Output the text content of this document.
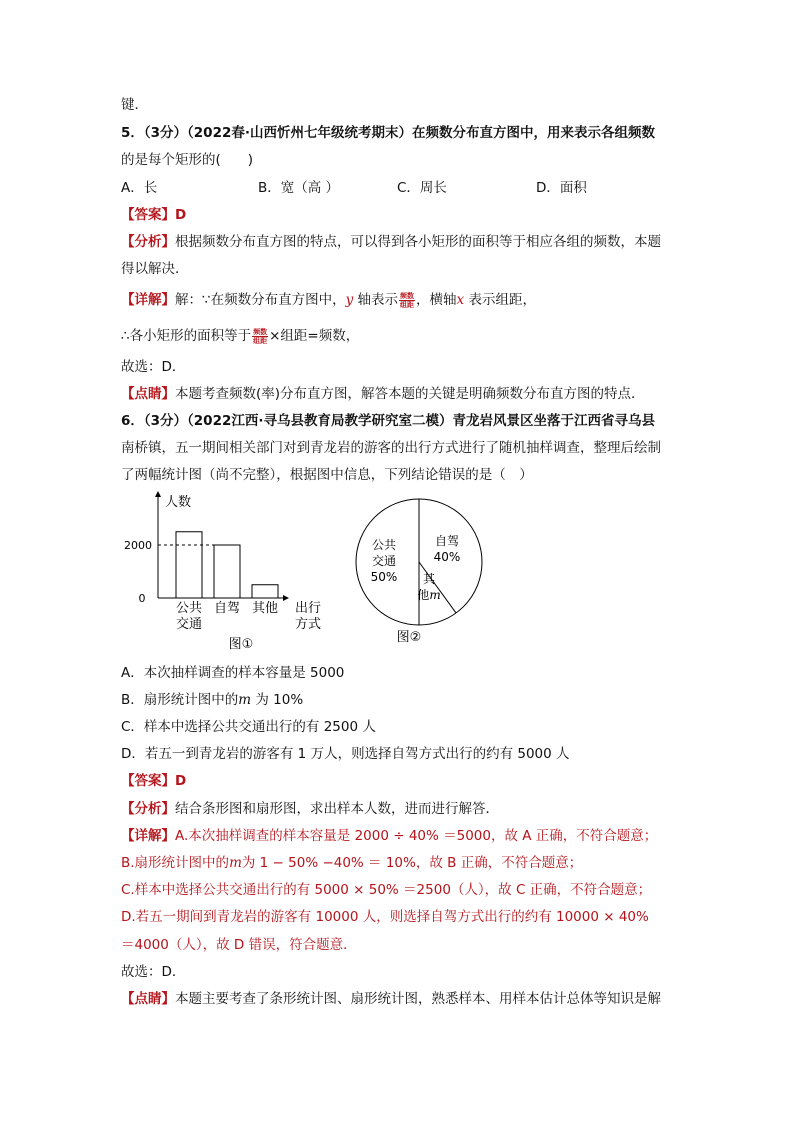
键．
5．（3分）（2022春·山西忻州七年级统考期末）在频数分布直方图中，用来表示各组频数
的是每个矩形的(　　)
A．长	B．宽（高 ）	C．周长	D．面积
【答案】D
【分析】根据频数分布直方图的特点，可以得到各小矩形的面积等于相应各组的频数，本题
得以解决．
【详解】解：∵在频数分布直方图中，y 轴表示 $\frac{\text{频数}}{\text{组距}}$ ，横轴x 表示组距，
∴各小矩形的面积等于 $\frac{\text{频数}}{\text{组距}}$ ×组距=频数，
故选：D．
【点睛】本题考查频数(率)分布直方图，解答本题的关键是明确频数分布直方图的特点．
6．（3分）（2022江西·寻乌县教育局教学研究室二模）青龙岩风景区坐落于江西省寻乌县
南桥镇，五一期间相关部门对到青龙岩的游客的出行方式进行了随机抽样调查，整理后绘制
了两幅统计图（尚不完整），根据图中信息，下列结论错误的是（　）
人数
0
2000
公共
交通
自驾 其他 出行
方式
图①
公共
交通
50%
自驾
40%
其
他m
图②
A．本次抽样调查的样本容量是 5000
B．扇形统计图中的m 为 10%
C．样本中选择公共交通出行的有 2500 人
D．若五一到青龙岩的游客有 1 万人，则选择自驾方式出行的约有 5000 人
【答案】D
【分析】结合条形图和扇形图，求出样本人数，进而进行解答．
【详解】A.本次抽样调查的样本容量是 2000 ÷ 40% ＝5000，故 A 正确，不符合题意；
B.扇形统计图中的m为 1 − 50% −40% ＝ 10%，故 B 正确，不符合题意；
C.样本中选择公共交通出行的有 5000 × 50% ＝2500（人），故 C 正确，不符合题意；
D.若五一期间到青龙岩的游客有 10000 人，则选择自驾方式出行的约有 10000 × 40%
＝4000（人），故 D 错误，符合题意．
故选：D．
【点睛】本题主要考查了条形统计图、扇形统计图，熟悉样本、用样本估计总体等知识是解
